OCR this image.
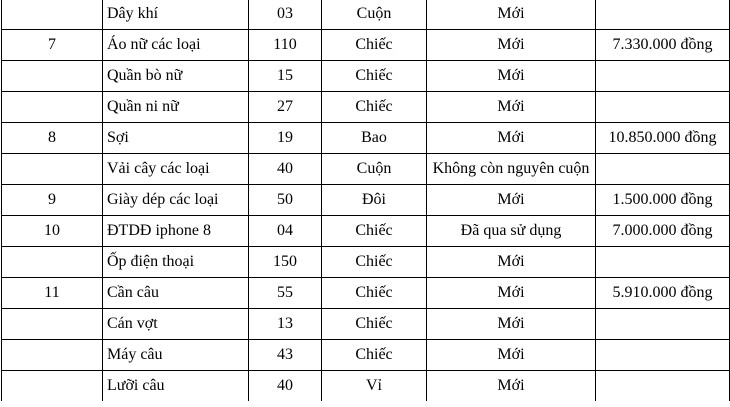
	Dây khí	03	Cuộn	Mới	
7	Áo nữ các loại	110	Chiếc	Mới	7.330.000 đồng
	Quần bò nữ	15	Chiếc	Mới	
	Quần ni nữ	27	Chiếc	Mới	
8	Sợi	19	Bao	Mới	10.850.000 đồng
	Vải cây các loại	40	Cuộn	Không còn nguyên cuộn	
9	Giày dép các loại	50	Đôi	Mới	1.500.000 đồng
10	ĐTDĐ iphone 8	04	Chiếc	Đã qua sử dụng	7.000.000 đồng
	Ốp điện thoại	150	Chiếc	Mới	
11	Cần câu	55	Chiếc	Mới	5.910.000 đồng
	Cán vợt	13	Chiếc	Mới	
	Máy câu	43	Chiếc	Mới	
	Lưỡi câu	40	Vỉ	Mới	
